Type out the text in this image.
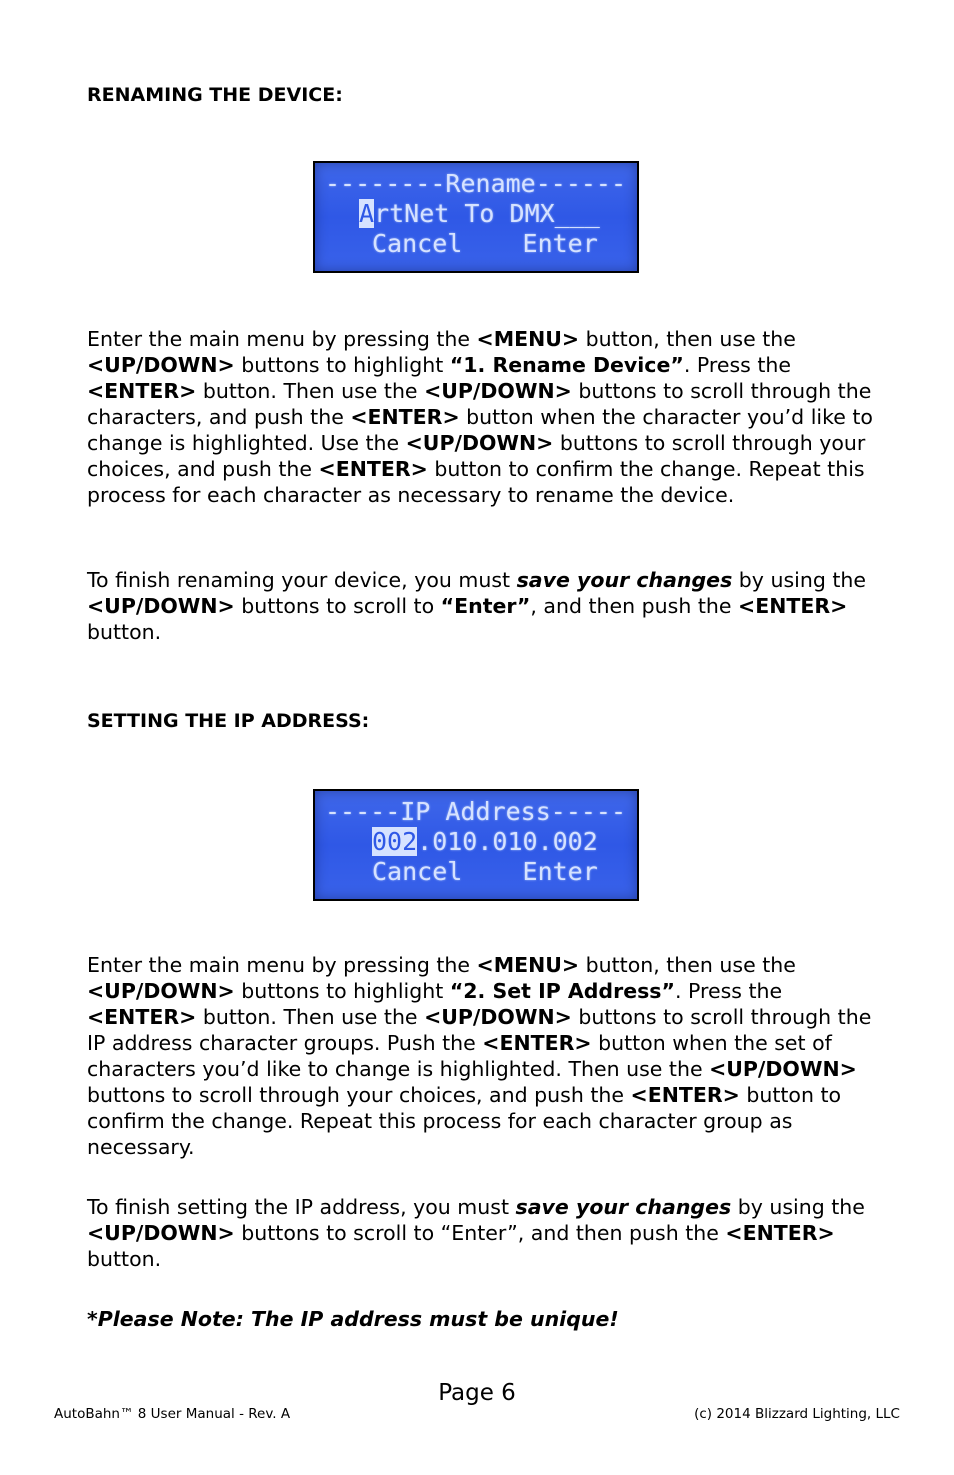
RENAMING THE DEVICE:
--------Rename------
ArtNet To DMX___
Cancel Enter

Enter the main menu by pressing the <MENU> button, then use the <UP/DOWN> buttons to highlight “1. Rename Device”. Press the <ENTER> button. Then use the <UP/DOWN> buttons to scroll through the characters, and push the <ENTER> button when the character you’d like to change is highlighted. Use the <UP/DOWN> buttons to scroll through your choices, and push the <ENTER> button to confirm the change. Repeat this process for each character as necessary to rename the device.

To finish renaming your device, you must save your changes by using the <UP/DOWN> buttons to scroll to “Enter”, and then push the <ENTER> button.

SETTING THE IP ADDRESS:
-----IP Address-----
002.010.010.002
Cancel Enter

Enter the main menu by pressing the <MENU> button, then use the <UP/DOWN> buttons to highlight “2. Set IP Address”. Press the <ENTER> button. Then use the <UP/DOWN> buttons to scroll through the IP address character groups. Push the <ENTER> button when the set of characters you’d like to change is highlighted. Then use the <UP/DOWN> buttons to scroll through your choices, and push the <ENTER> button to confirm the change. Repeat this process for each character group as necessary.

To finish setting the IP address, you must save your changes by using the <UP/DOWN> buttons to scroll to “Enter”, and then push the <ENTER> button.

*Please Note: The IP address must be unique!

Page 6

AutoBahn™ 8 User Manual - Rev. A	(c) 2014 Blizzard Lighting, LLC
